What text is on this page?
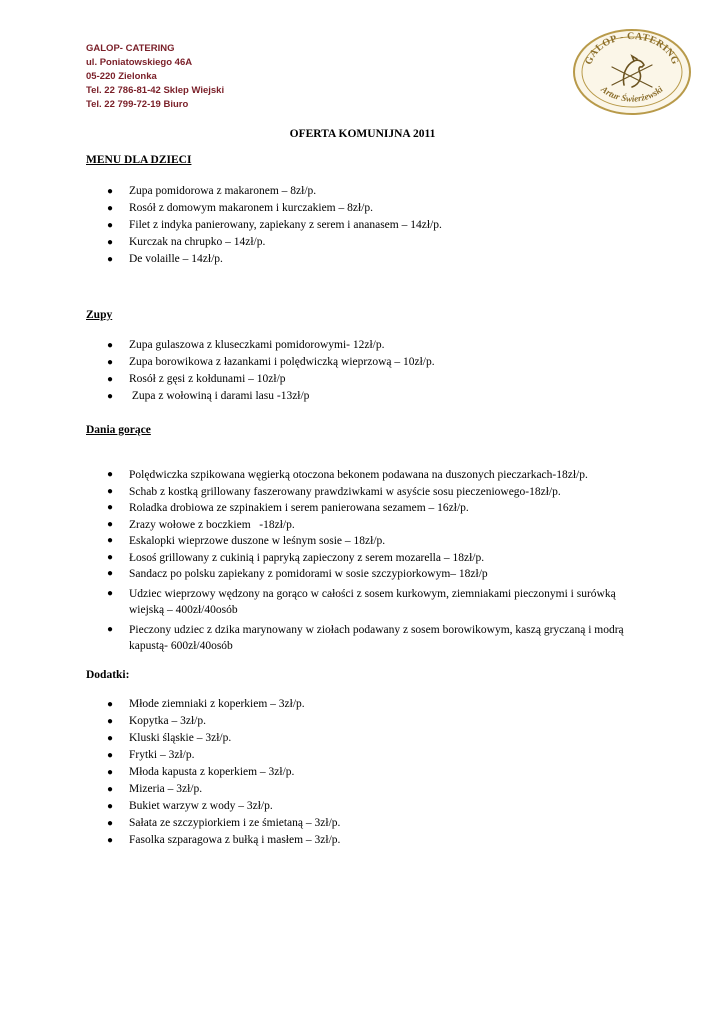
GALOP- CATERING
ul. Poniatowskiego 46A
05-220 Zielonka
Tel. 22 786-81-42 Sklep Wiejski
Tel. 22 799-72-19 Biuro
GALOP - CATERING
Artur Świerżewski
OFERTA KOMUNIJNA 2011
MENU DLA DZIECI
● Zupa pomidorowa z makaronem – 8zł/p.
● Rosół z domowym makaronem i kurczakiem – 8zł/p.
● Filet z indyka panierowany, zapiekany z serem i ananasem – 14zł/p.
● Kurczak na chrupko – 14zł/p.
● De volaille – 14zł/p.
Zupy
● Zupa gulaszowa z kluseczkami pomidorowymi- 12zł/p.
● Zupa borowikowa z łazankami i polędwiczką wieprzową – 10zł/p.
● Rosół z gęsi z kołdunami – 10zł/p
● Zupa z wołowiną i darami lasu -13zł/p
Dania gorące
● Polędwiczka szpikowana węgierką otoczona bekonem podawana na duszonych pieczarkach-18zł/p.
● Schab z kostką grillowany faszerowany prawdziwkami w asyście sosu pieczeniowego-18zł/p.
● Roladka drobiowa ze szpinakiem i serem panierowana sezamem – 16zł/p.
● Zrazy wołowe z boczkiem   -18zł/p.
● Eskalopki wieprzowe duszone w leśnym sosie – 18zł/p.
● Łosoś grillowany z cukinią i papryką zapieczony z serem mozarella – 18zł/p.
● Sandacz po polsku zapiekany z pomidorami w sosie szczypiorkowym– 18zł/p
● Udziec wieprzowy wędzony na gorąco w całości z sosem kurkowym, ziemniakami pieczonymi i surówką wiejską – 400zł/40osób
● Pieczony udziec z dzika marynowany w ziołach podawany z sosem borowikowym, kaszą gryczaną i modrą kapustą- 600zł/40osób
Dodatki:
● Młode ziemniaki z koperkiem – 3zł/p.
● Kopytka – 3zł/p.
● Kluski śląskie – 3zł/p.
● Frytki – 3zł/p.
● Młoda kapusta z koperkiem – 3zł/p.
● Mizeria – 3zł/p.
● Bukiet warzyw z wody – 3zł/p.
● Sałata ze szczypiorkiem i ze śmietaną – 3zł/p.
● Fasolka szparagowa z bułką i masłem – 3zł/p.
